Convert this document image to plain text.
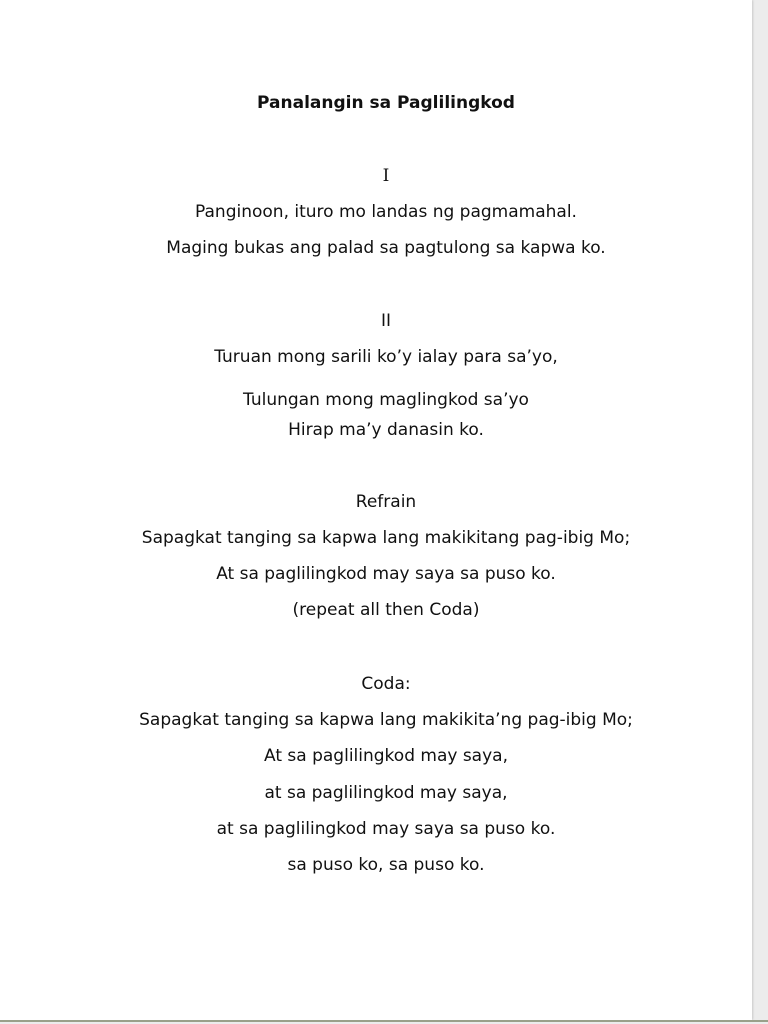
Panalangin sa Paglilingkod
I
Panginoon, ituro mo landas ng pagmamahal.
Maging bukas ang palad sa pagtulong sa kapwa ko.
II
Turuan mong sarili ko’y ialay para sa’yo,
Tulungan mong maglingkod sa’yo
Hirap ma’y danasin ko.
Refrain
Sapagkat tanging sa kapwa lang makikitang pag-ibig Mo;
At sa paglilingkod may saya sa puso ko.
(repeat all then Coda)
Coda:
Sapagkat tanging sa kapwa lang makikita’ng pag-ibig Mo;
At sa paglilingkod may saya,
at sa paglilingkod may saya,
at sa paglilingkod may saya sa puso ko.
sa puso ko, sa puso ko.
